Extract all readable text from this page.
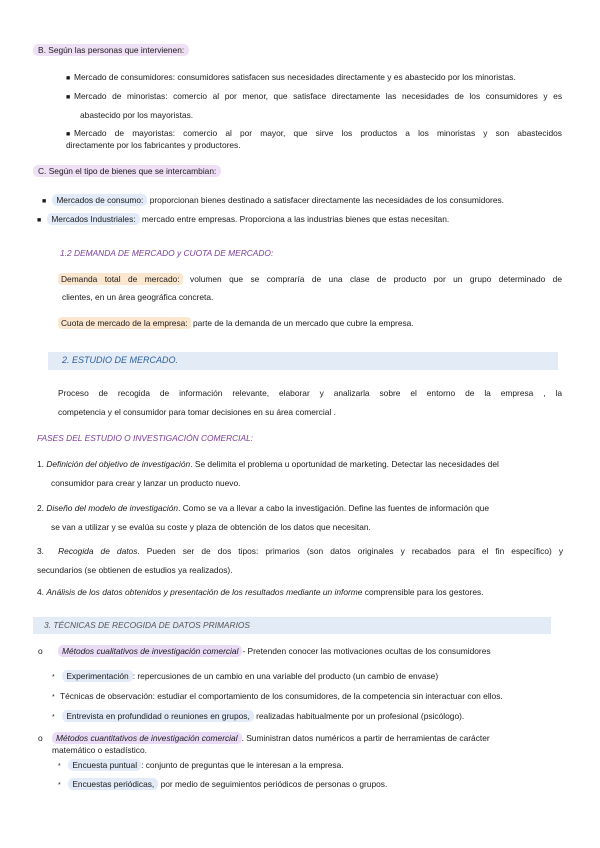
B. Según las personas que intervienen:
■ Mercado de consumidores: consumidores satisfacen sus necesidades directamente y es abastecido por los minoristas.
■ Mercado de minoristas: comercio al por menor, que satisface directamente las necesidades de los consumidores y es
abastecido por los mayoristas.
■ Mercado de mayoristas: comercio al por mayor, que sirve los productos a los minoristas y son abastecidos
directamente por los fabricantes y productores.
C. Según el tipo de bienes que se intercambian:
■ Mercados de consumo: proporcionan bienes destinado a satisfacer directamente las necesidades de los consumidores.
■ Mercados Industriales: mercado entre empresas. Proporciona a las industrias bienes que estas necesitan.
1.2 DEMANDA DE MERCADO y CUOTA DE MERCADO:
Demanda total de mercado: volumen que se compraría de una clase de producto por un grupo determinado de
clientes, en un área geográfica concreta.
Cuota de mercado de la empresa: parte de la demanda de un mercado que cubre la empresa.
2. ESTUDIO DE MERCADO.
Proceso de recogida de información relevante, elaborar y analizarla sobre el entorno de la empresa , la
competencia y el consumidor para tomar decisiones en su área comercial .
FASES DEL ESTUDIO O INVESTIGACIÓN COMERCIAL:
1. Definición del objetivo de investigación. Se delimita el problema u oportunidad de marketing. Detectar las necesidades del
consumidor para crear y lanzar un producto nuevo.
2. Diseño del modelo de investigación. Como se va a llevar a cabo la investigación. Define las fuentes de información que
se van a utilizar y se evalúa su coste y plaza de obtención de los datos que necesitan.
3. Recogida de datos. Pueden ser de dos tipos: primarios (son datos originales y recabados para el fin específico) y
secundarios (se obtienen de estudios ya realizados).
4. Análisis de los datos obtenidos y presentación de los resultados mediante un informe comprensible para los gestores.
3. TÉCNICAS DE RECOGIDA DE DATOS PRIMARIOS
o Métodos cualitativos de investigación comercial - Pretenden conocer las motivaciones ocultas de los consumidores
* Experimentación : repercusiones de un cambio en una variable del producto (un cambio de envase)
* Técnicas de observación: estudiar el comportamiento de los consumidores, de la competencia sin interactuar con ellos.
* Entrevista en profundidad o reuniones en grupos, realizadas habitualmente por un profesional (psicólogo).
o Métodos cuantitativos de investigación comercial . Suministran datos numéricos a partir de herramientas de carácter
matemático o estadístico.
* Encuesta puntual : conjunto de preguntas que le interesan a la empresa.
* Encuestas periódicas, por medio de seguimientos periódicos de personas o grupos.
